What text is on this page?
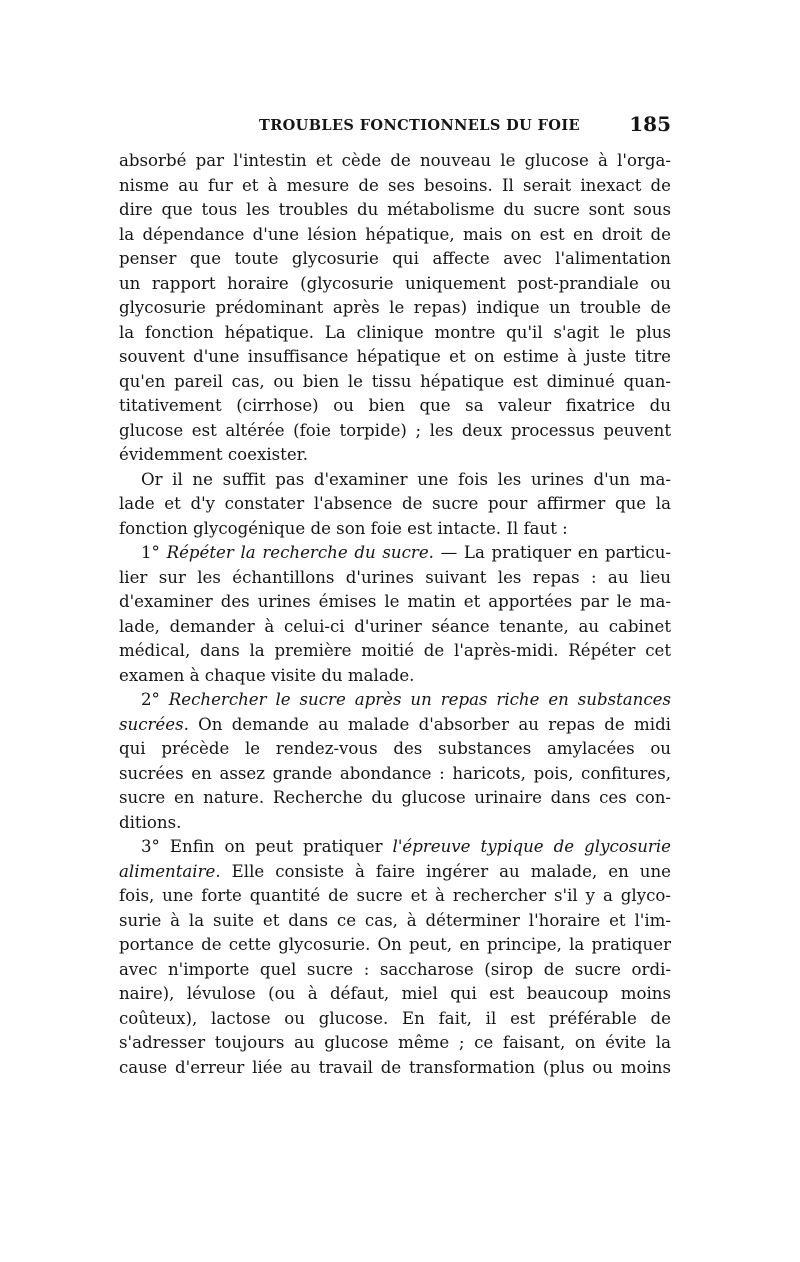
TROUBLES FONCTIONNELS DU FOIE 185
absorbé par l'intestin et cède de nouveau le glucose à l'orga-
nisme au fur et à mesure de ses besoins. Il serait inexact de
dire que tous les troubles du métabolisme du sucre sont sous
la dépendance d'une lésion hépatique, mais on est en droit de
penser que toute glycosurie qui affecte avec l'alimentation
un rapport horaire (glycosurie uniquement post-prandiale ou
glycosurie prédominant après le repas) indique un trouble de
la fonction hépatique. La clinique montre qu'il s'agit le plus
souvent d'une insuffisance hépatique et on estime à juste titre
qu'en pareil cas, ou bien le tissu hépatique est diminué quan-
titativement (cirrhose) ou bien que sa valeur fixatrice du
glucose est altérée (foie torpide) ; les deux processus peuvent
évidemment coexister.
Or il ne suffit pas d'examiner une fois les urines d'un ma-
lade et d'y constater l'absence de sucre pour affirmer que la
fonction glycogénique de son foie est intacte. Il faut :
1° Répéter la recherche du sucre. — La pratiquer en particu-
lier sur les échantillons d'urines suivant les repas : au lieu
d'examiner des urines émises le matin et apportées par le ma-
lade, demander à celui-ci d'uriner séance tenante, au cabinet
médical, dans la première moitié de l'après-midi. Répéter cet
examen à chaque visite du malade.
2° Rechercher le sucre après un repas riche en substances
sucrées. On demande au malade d'absorber au repas de midi
qui précède le rendez-vous des substances amylacées ou
sucrées en assez grande abondance : haricots, pois, confitures,
sucre en nature. Recherche du glucose urinaire dans ces con-
ditions.
3° Enfin on peut pratiquer l'épreuve typique de glycosurie
alimentaire. Elle consiste à faire ingérer au malade, en une
fois, une forte quantité de sucre et à rechercher s'il y a glyco-
surie à la suite et dans ce cas, à déterminer l'horaire et l'im-
portance de cette glycosurie. On peut, en principe, la pratiquer
avec n'importe quel sucre : saccharose (sirop de sucre ordi-
naire), lévulose (ou à défaut, miel qui est beaucoup moins
coûteux), lactose ou glucose. En fait, il est préférable de
s'adresser toujours au glucose même ; ce faisant, on évite la
cause d'erreur liée au travail de transformation (plus ou moins
